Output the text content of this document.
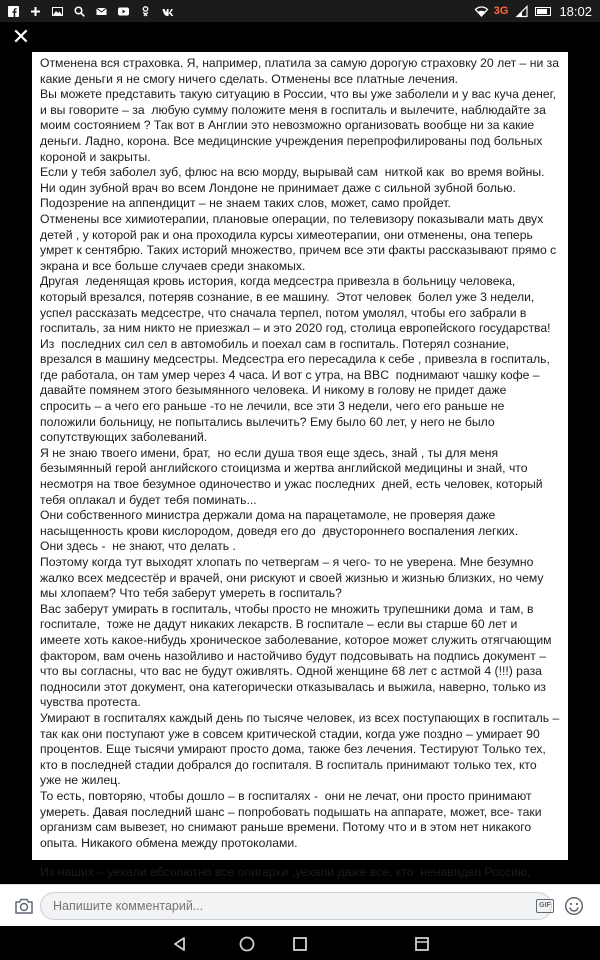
3G	18:02
✕
Отменена вся страховка. Я, например, платила за самую дорогую страховку 20 лет – ни за какие деньги я не смогу ничего сделать. Отменены все платные лечения.
Вы можете представить такую ситуацию в России, что вы уже заболели и у вас куча денег, и вы говорите – за  любую сумму положите меня в госпиталь и вылечите, наблюдайте за моим состоянием ? Так вот в Англии это невозможно организовать вообще ни за какие деньги. Ладно, корона. Все медицинские учреждения перепрофилированы под больных короной и закрыты.
Если у тебя заболел зуб, флюс на всю морду, вырывай сам  ниткой как  во время войны. Ни один зубной врач во всем Лондоне не принимает даже с сильной зубной болью. Подозрение на аппендицит – не знаем таких слов, может, само пройдет.
Отменены все химиотерапии, плановые операции, по телевизору показывали мать двух детей , у которой рак и она проходила курсы химеотерапии, они отменены, она теперь умрет к сентябрю. Таких историй множество, причем все эти факты рассказывают прямо с экрана и все больше случаев среди знакомых.
Другая  леденящая кровь история, когда медсестра привезла в больницу человека, который врезался, потеряв сознание, в ее машину.  Этот человек  болел уже 3 недели, успел рассказать медсестре, что сначала терпел, потом умолял, чтобы его забрали в госпиталь, за ним никто не приезжал – и это 2020 год, столица европейского государства! Из  последних сил сел в автомобиль и поехал сам в госпиталь. Потерял сознание, врезался в машину медсестры. Медсестра его пересадила к себе , привезла в госпиталь, где работала, он там умер через 4 часа. И вот с утра, на BBC  поднимают чашку кофе – давайте помянем этого безымянного человека. И никому в голову не придет даже спросить – а чего его раньше -то не лечили, все эти 3 недели, чего его раньше не положили больницу, не попытались вылечить? Ему было 60 лет, у него не было сопутствующих заболеваний.
Я не знаю твоего имени, брат,  но если душа твоя еще здесь, знай , ты для меня безымянный герой английского стоицизма и жертва английской медицины и знай, что несмотря на твое безумное одиночество и ужас последних  дней, есть человек, который тебя оплакал и будет тебя поминать...
Они собственного министра держали дома на парацетамоле, не проверяя даже насыщенность крови кислородом, доведя его до  двустороннего воспаления легких.
Они здесь -  не знают, что делать .
Поэтому когда тут выходят хлопать по четвергам – я чего- то не уверена. Мне безумно жалко всех медсестёр и врачей, они рискуют и своей жизнью и жизнью близких, но чему мы хлопаем? Что тебя заберут умереть в госпиталь?
Вас заберут умирать в госпиталь, чтобы просто не множить трупешники дома  и там, в госпитале,  тоже не дадут никаких лекарств. В госпитале – если вы старше 60 лет и имеете хоть какое-нибудь хроническое заболевание, которое может служить отягчающим фактором, вам очень назойливо и настойчиво будут подсовывать на подпись документ – что вы согласны, что вас не будут оживлять. Одной женщине 68 лет с астмой 4 (!!!) раза подносили этот документ, она категорически отказывалась и выжила, наверно, только из чувства протеста.
Умирают в госпиталях каждый день по тысяче человек, из всех поступающих в госпиталь – так как они поступают уже в совсем критической стадии, когда уже поздно – умирает 90 процентов. Еще тысячи умирают просто дома, также без лечения. Тестируют Только тех, кто в последней стадии добрался до госпиталя. В госпиталь принимают только тех, кто уже не жилец.
То есть, повторяю, чтобы дошло – в госпиталях -  они не лечат, они просто принимают умереть. Давая последний шанс – попробовать подышать на аппарате, может, все- таки организм сам вывезет, но снимают раньше времени. Потому что и в этом нет никакого опыта. Никакого обмена между протоколами.
Из наших – уехали абсолютно все олигархи ,уехали даже все, кто  ненавидел Россию,
Напишите комментарий...
GIF
